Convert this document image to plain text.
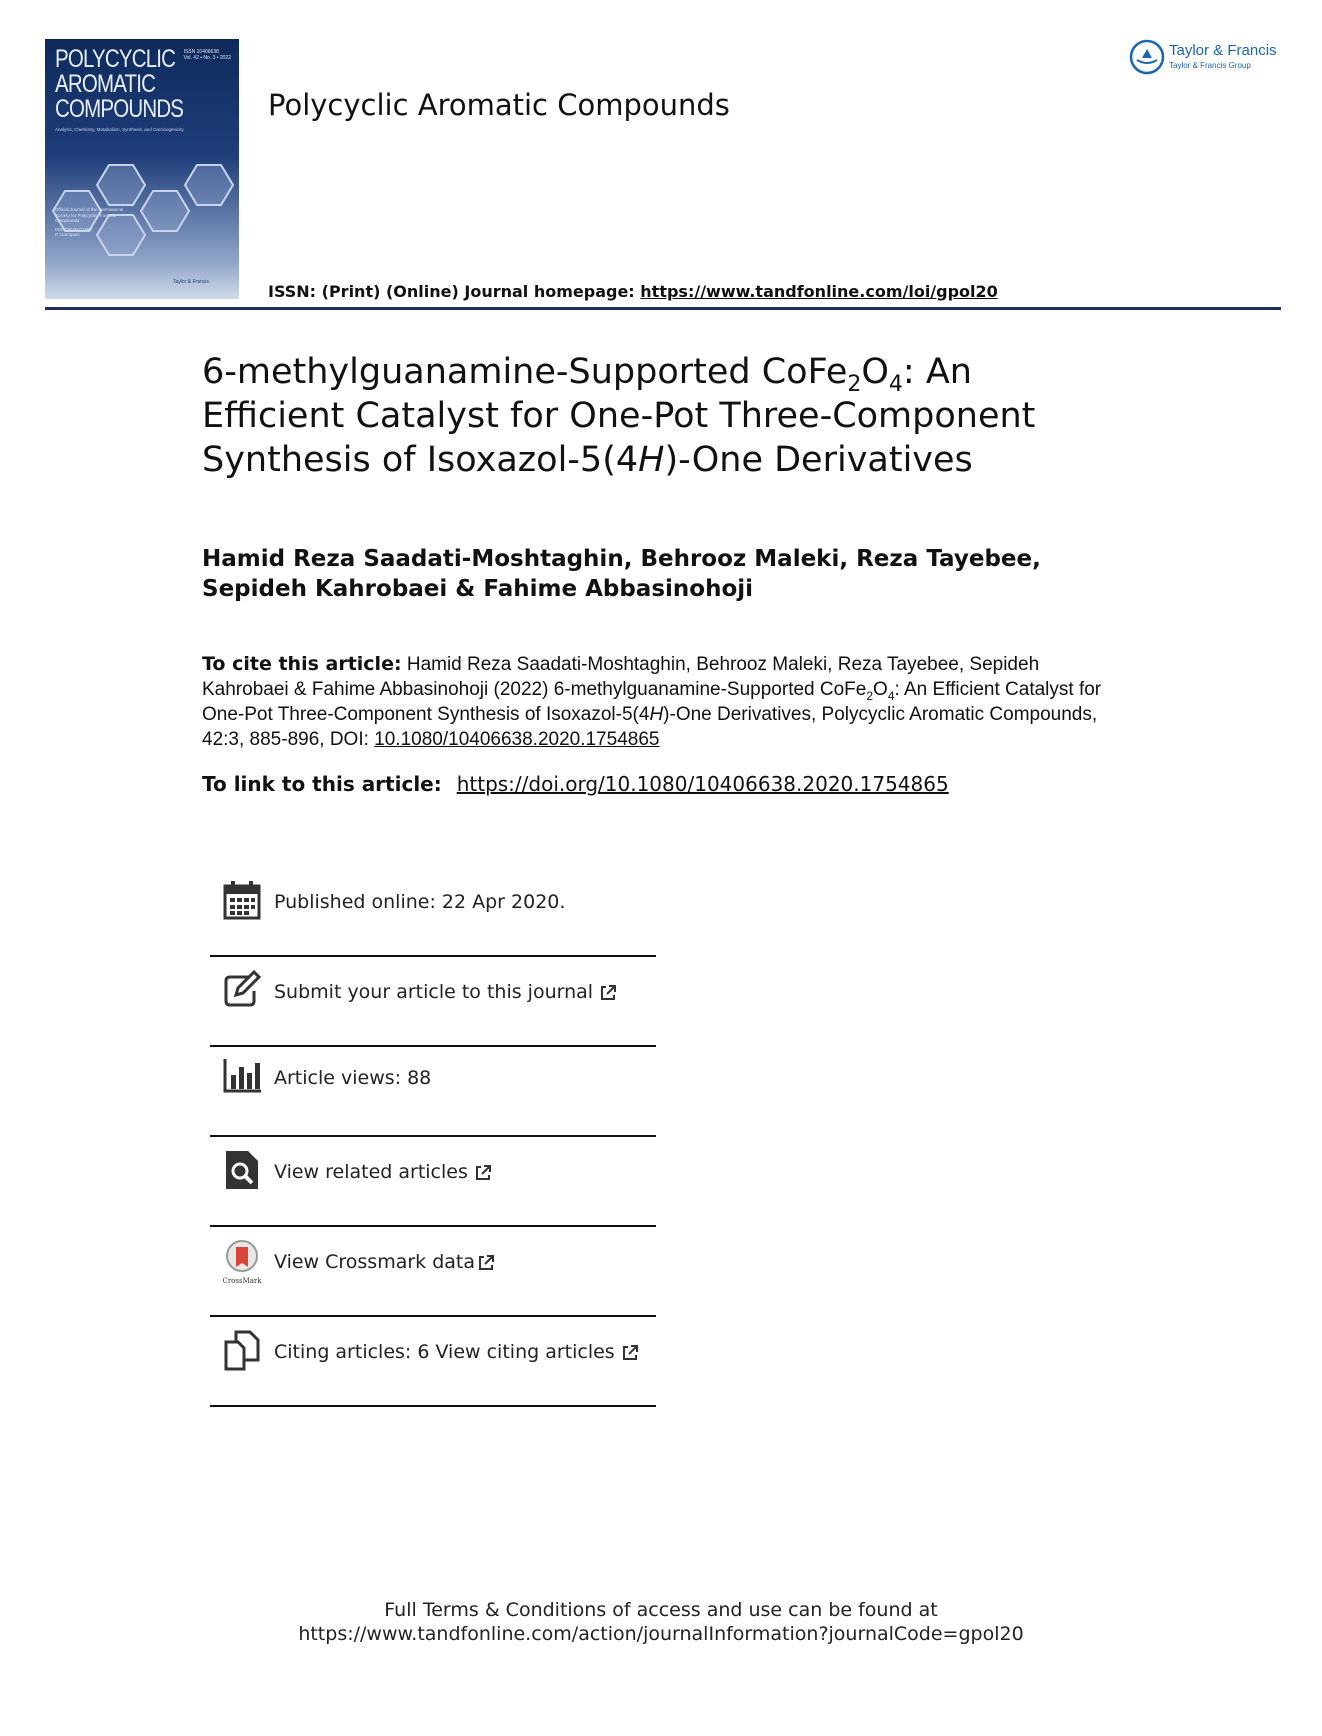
POLYCYCLIC
AROMATIC
COMPOUNDS
ISSN 10406638
Vol. 42 • No. 3 • 2022
Analysis, Chemistry, Metabolism, Synthesis, and Carcinogenicity
Official Journal of the International
Society for Polycyclic Aromatic
Compounds
EDITOR-IN-CHIEF
P. Garrigues
Taylor & Francis
Polycyclic Aromatic Compounds
ISSN: (Print) (Online) Journal homepage: https://www.tandfonline.com/loi/gpol20
Taylor & Francis
Taylor & Francis Group
6-methylguanamine-Supported $CoFe_2O_4$: An
Efficient Catalyst for One-Pot Three-Component
Synthesis of Isoxazol-5(4H)-One Derivatives
Hamid Reza Saadati-Moshtaghin, Behrooz Maleki, Reza Tayebee, Sepideh Kahrobaei & Fahime Abbasinohoji
To cite this article: Hamid Reza Saadati-Moshtaghin, Behrooz Maleki, Reza Tayebee, Sepideh Kahrobaei & Fahime Abbasinohoji (2022) 6-methylguanamine-Supported $CoFe_2O_4$: An Efficient Catalyst for One-Pot Three-Component Synthesis of Isoxazol-5(4H)-One Derivatives, Polycyclic Aromatic Compounds, 42:3, 885-896, DOI: 10.1080/10406638.2020.1754865
To link to this article: https://doi.org/10.1080/10406638.2020.1754865
Published online: 22 Apr 2020.
Submit your article to this journal
Article views: 88
View related articles
CrossMark
View Crossmark data
Citing articles: 6 View citing articles
Full Terms & Conditions of access and use can be found at
https://www.tandfonline.com/action/journalInformation?journalCode=gpol20
